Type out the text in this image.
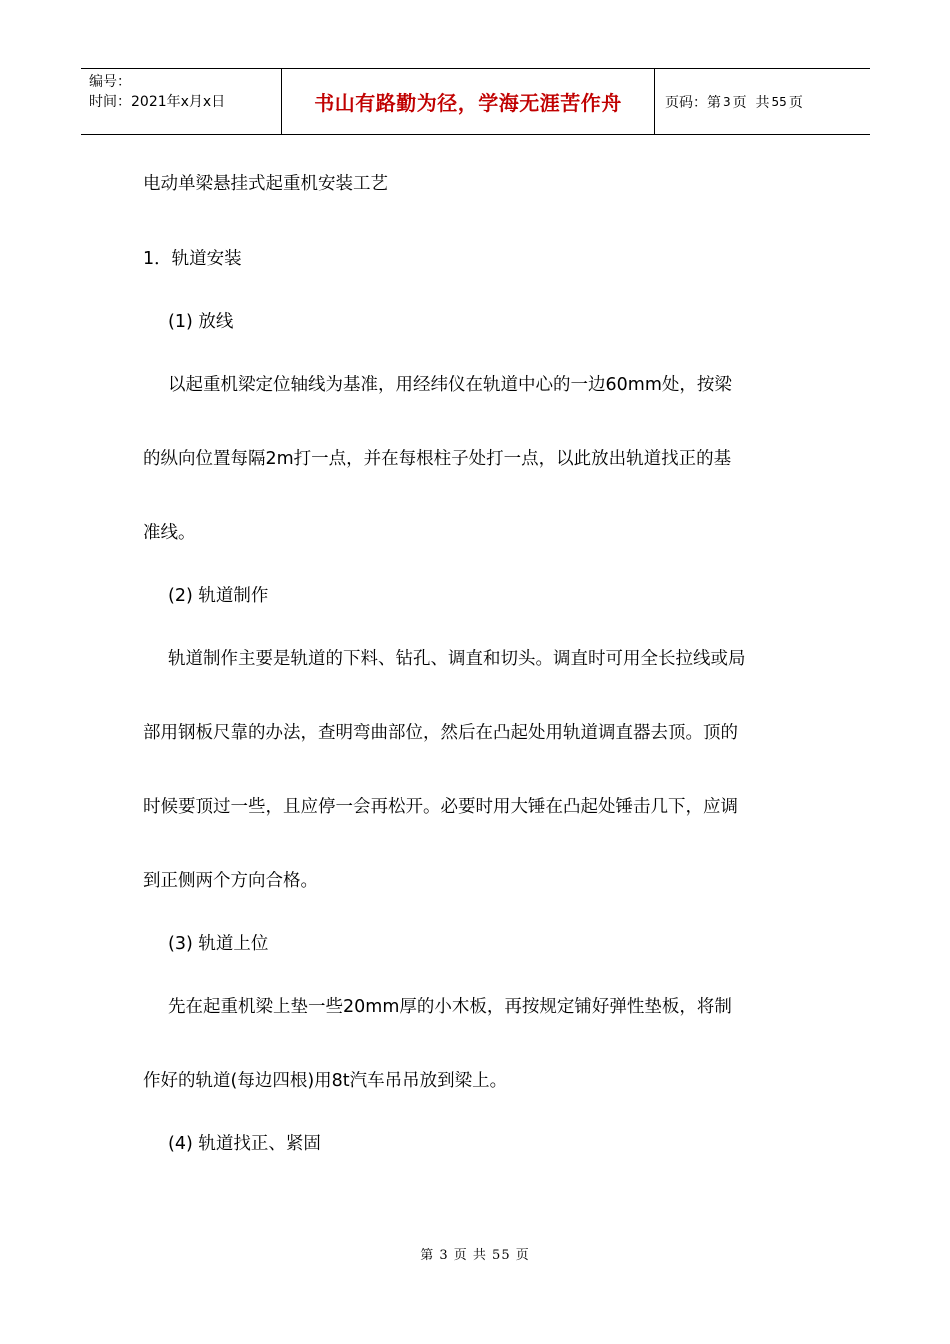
编号：
时间：2021年x月x日	书山有路勤为径，学海无涯苦作舟	页码：第 3 页  共 55 页
电动单梁悬挂式起重机安装工艺
1．轨道安装
(1) 放线
以起重机梁定位轴线为基准，用经纬仪在轨道中心的一边60mm处，按梁
的纵向位置每隔2m打一点，并在每根柱子处打一点，以此放出轨道找正的基
准线。
(2) 轨道制作
轨道制作主要是轨道的下料、钻孔、调直和切头。调直时可用全长拉线或局
部用钢板尺靠的办法，查明弯曲部位，然后在凸起处用轨道调直器去顶。顶的
时候要顶过一些，且应停一会再松开。必要时用大锤在凸起处锤击几下，应调
到正侧两个方向合格。
(3) 轨道上位
先在起重机梁上垫一些20mm厚的小木板，再按规定铺好弹性垫板，将制
作好的轨道(每边四根)用8t汽车吊吊放到梁上。
(4) 轨道找正、紧固
第 3 页 共 55 页
